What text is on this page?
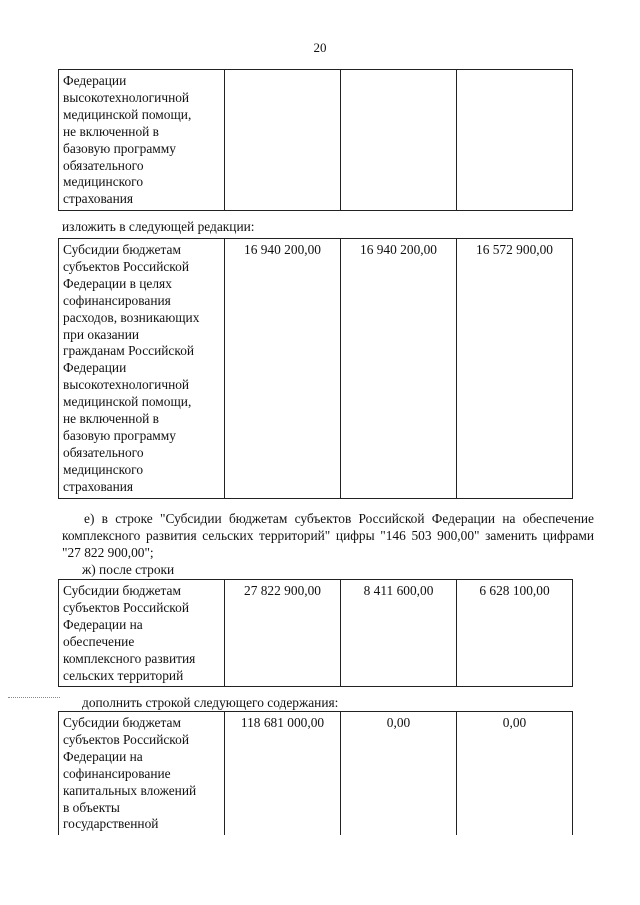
20
Федерации
высокотехнологичной
медицинской помощи,
не включенной в
базовую программу
обязательного
медицинского
страхования			
изложить в следующей редакции:
Субсидии бюджетам
субъектов Российской
Федерации в целях
софинансирования
расходов, возникающих
при оказании
гражданам Российской
Федерации
высокотехнологичной
медицинской помощи,
не включенной в
базовую программу
обязательного
медицинского
страхования	16 940 200,00	16 940 200,00	16 572 900,00
е) в строке "Субсидии бюджетам субъектов Российской Федерации на обеспечение комплексного развития сельских территорий" цифры "146 503 900,00" заменить цифрами "27 822 900,00";
ж) после строки
Субсидии бюджетам
субъектов Российской
Федерации на
обеспечение
комплексного развития
сельских территорий	27 822 900,00	8 411 600,00	6 628 100,00
дополнить строкой следующего содержания:
Субсидии бюджетам
субъектов Российской
Федерации на
софинансирование
капитальных вложений
в объекты
государственной	118 681 000,00	0,00	0,00
